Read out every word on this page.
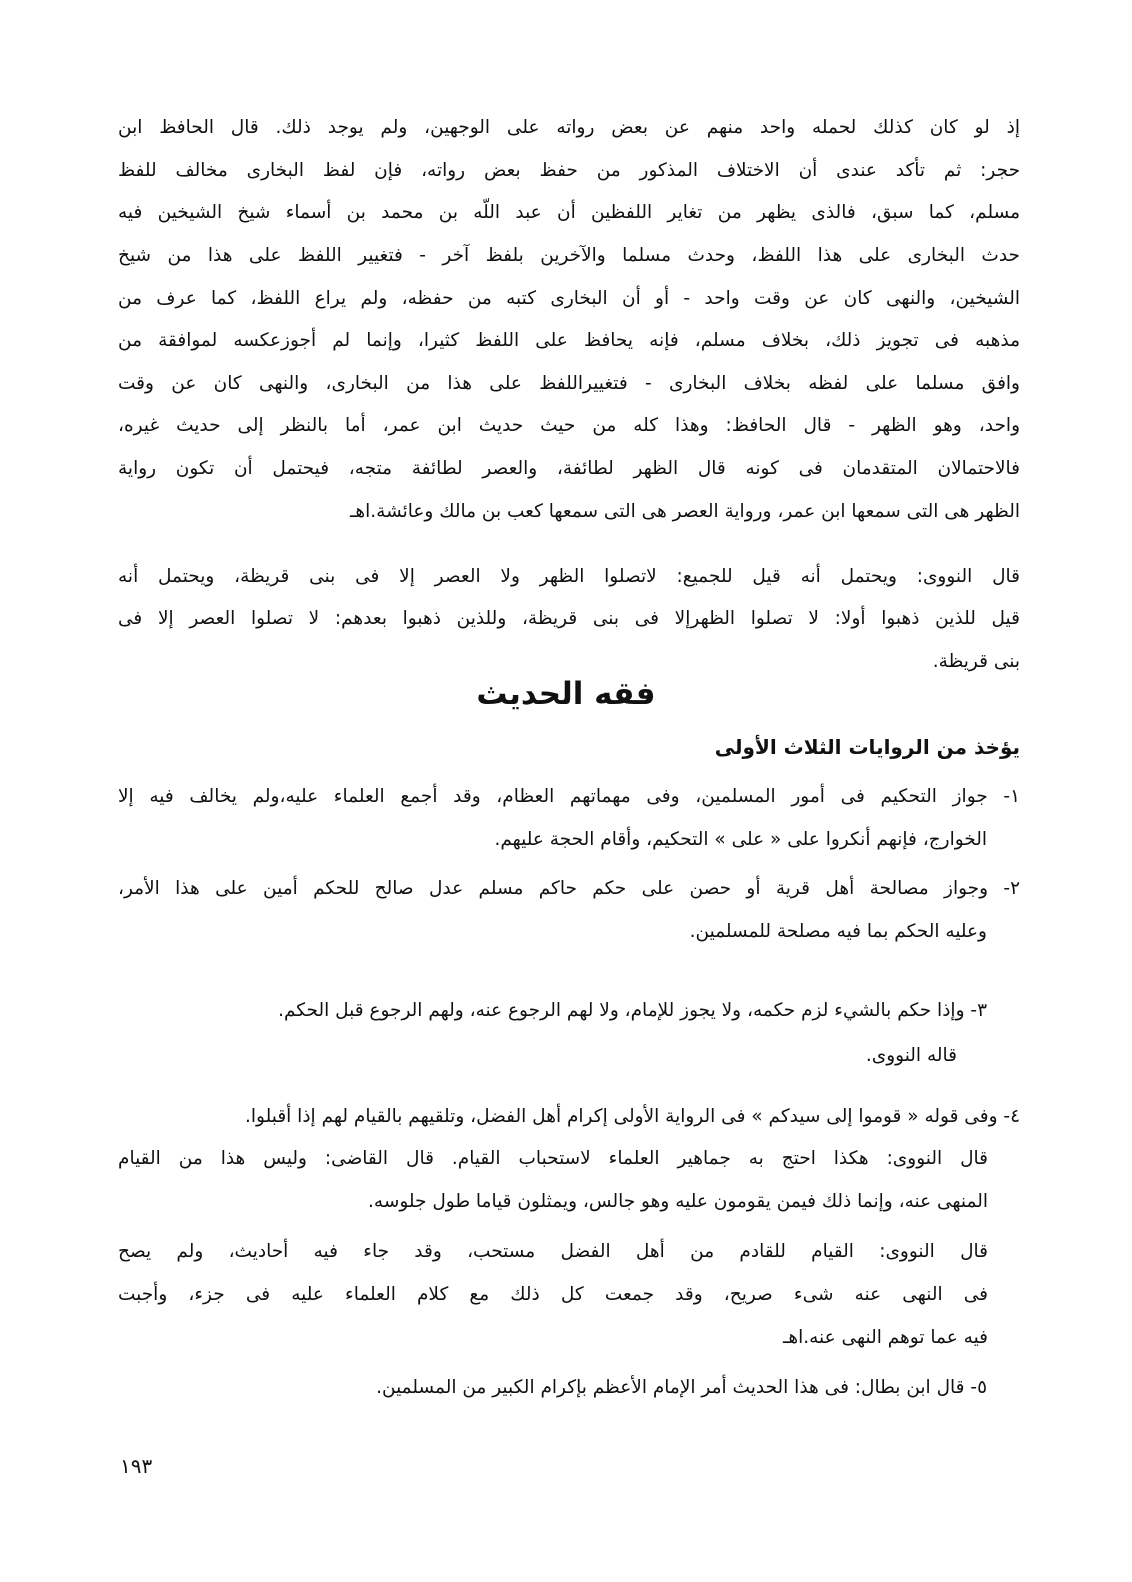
إذ لو كان كذلك لحمله واحد منهم عن بعض رواته على الوجهين، ولم يوجد ذلك. قال الحافظ ابن
حجر: ثم تأكد عندى أن الاختلاف المذكور من حفظ بعض رواته، فإن لفظ البخارى مخالف للفظ
مسلم، كما سبق، فالذى يظهر من تغاير اللفظين أن عبد اللّه بن محمد بن أسماء شيخ الشيخين فيه
حدث البخارى على هذا اللفظ، وحدث مسلما والآخرين بلفظ آخر - فتغيير اللفظ على هذا من شيخ
الشيخين، والنهى كان عن وقت واحد - أو أن البخارى كتبه من حفظه، ولم يراع اللفظ، كما عرف من
مذهبه فى تجويز ذلك، بخلاف مسلم، فإنه يحافظ على اللفظ كثيرا، وإنما لم أجوزعكسه لموافقة من
وافق مسلما على لفظه بخلاف البخارى - فتغييراللفظ على هذا من البخارى، والنهى كان عن وقت
واحد، وهو الظهر - قال الحافظ: وهذا كله من حيث حديث ابن عمر، أما بالنظر إلى حديث غيره،
فالاحتمالان المتقدمان فى كونه قال الظهر لطائفة، والعصر لطائفة متجه، فيحتمل أن تكون رواية
الظهر هى التى سمعها ابن عمر، ورواية العصر هى التى سمعها كعب بن مالك وعائشة.اهـ
قال النووى: ويحتمل أنه قيل للجميع: لاتصلوا الظهر ولا العصر إلا فى بنى قريظة، ويحتمل أنه
قيل للذين ذهبوا أولا: لا تصلوا الظهرإلا فى بنى قريظة، وللذين ذهبوا بعدهم: لا تصلوا العصر إلا فى
بنى قريظة.
فقه الحديث
يؤخذ من الروايات الثلاث الأولى
١- جواز التحكيم فى أمور المسلمين، وفى مهماتهم العظام، وقد أجمع العلماء عليه،ولم يخالف فيه إلا
الخوارج، فإنهم أنكروا على « على » التحكيم، وأقام الحجة عليهم.
٢- وجواز مصالحة أهل قرية أو حصن على حكم حاكم مسلم عدل صالح للحكم أمين على هذا الأمر،
وعليه الحكم بما فيه مصلحة للمسلمين.
٣- وإذا حكم بالشيء لزم حكمه، ولا يجوز للإمام، ولا لهم الرجوع عنه، ولهم الرجوع قبل الحكم.
قاله النووى.
٤- وفى قوله « قوموا إلى سيدكم » فى الرواية الأولى إكرام أهل الفضل، وتلقيهم بالقيام لهم إذا أقبلوا.
قال النووى: هكذا احتج به جماهير العلماء لاستحباب القيام. قال القاضى: وليس هذا من القيام
المنهى عنه، وإنما ذلك فيمن يقومون عليه وهو جالس، ويمثلون قياما طول جلوسه.
قال النووى: القيام للقادم من أهل الفضل مستحب، وقد جاء فيه أحاديث، ولم يصح
فى النهى عنه شىء صريح، وقد جمعت كل ذلك مع كلام العلماء عليه فى جزء، وأجبت
فيه عما توهم النهى عنه.اهـ
٥- قال ابن بطال: فى هذا الحديث أمر الإمام الأعظم بإكرام الكبير من المسلمين.
١٩٣
